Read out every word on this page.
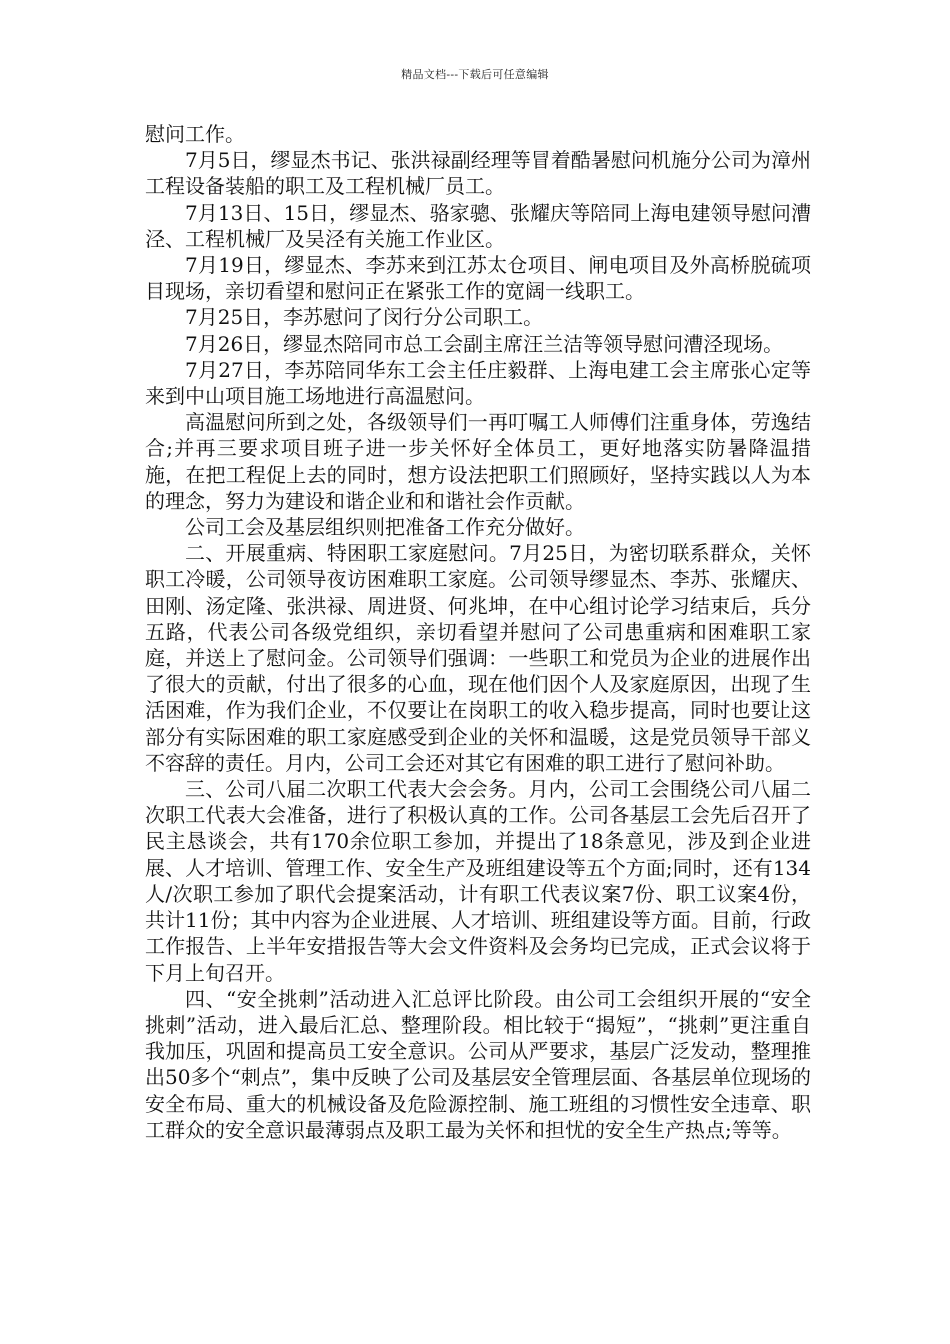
精品文档---下载后可任意编辑

慰问工作。

7月5日，缪显杰书记、张洪禄副经理等冒着酷暑慰问机施分公司为漳州工程设备装船的职工及工程机械厂员工。

7月13日、15日，缪显杰、骆家骢、张耀庆等陪同上海电建领导慰问漕泾、工程机械厂及吴泾有关施工作业区。

7月19日，缪显杰、李苏来到江苏太仓项目、闸电项目及外高桥脱硫项目现场，亲切看望和慰问正在紧张工作的宽阔一线职工。

7月25日，李苏慰问了闵行分公司职工。

7月26日，缪显杰陪同市总工会副主席汪兰洁等领导慰问漕泾现场。

7月27日，李苏陪同华东工会主任庄毅群、上海电建工会主席张心定等来到中山项目施工场地进行高温慰问。

高温慰问所到之处，各级领导们一再叮嘱工人师傅们注重身体，劳逸结合;并再三要求项目班子进一步关怀好全体员工，更好地落实防暑降温措施，在把工程促上去的同时，想方设法把职工们照顾好，坚持实践以人为本的理念，努力为建设和谐企业和和谐社会作贡献。

公司工会及基层组织则把准备工作充分做好。

二、开展重病、特困职工家庭慰问。7月25日，为密切联系群众，关怀职工冷暖，公司领导夜访困难职工家庭。公司领导缪显杰、李苏、张耀庆、田刚、汤定隆、张洪禄、周进贤、何兆坤，在中心组讨论学习结束后，兵分五路，代表公司各级党组织，亲切看望并慰问了公司患重病和困难职工家庭，并送上了慰问金。公司领导们强调：一些职工和党员为企业的进展作出了很大的贡献，付出了很多的心血，现在他们因个人及家庭原因，出现了生活困难，作为我们企业，不仅要让在岗职工的收入稳步提高，同时也要让这部分有实际困难的职工家庭感受到企业的关怀和温暖，这是党员领导干部义不容辞的责任。月内，公司工会还对其它有困难的职工进行了慰问补助。

三、公司八届二次职工代表大会会务。月内，公司工会围绕公司八届二次职工代表大会准备，进行了积极认真的工作。公司各基层工会先后召开了民主恳谈会，共有170余位职工参加，并提出了18条意见，涉及到企业进展、人才培训、管理工作、安全生产及班组建设等五个方面;同时，还有134人/次职工参加了职代会提案活动，计有职工代表议案7份、职工议案4份，共计11份；其中内容为企业进展、人才培训、班组建设等方面。目前，行政工作报告、上半年安措报告等大会文件资料及会务均已完成，正式会议将于下月上旬召开。

四、“安全挑刺”活动进入汇总评比阶段。由公司工会组织开展的“安全挑刺”活动，进入最后汇总、整理阶段。相比较于“揭短”，“挑刺”更注重自我加压，巩固和提高员工安全意识。公司从严要求，基层广泛发动，整理推出50多个“刺点”，集中反映了公司及基层安全管理层面、各基层单位现场的安全布局、重大的机械设备及危险源控制、施工班组的习惯性安全违章、职工群众的安全意识最薄弱点及职工最为关怀和担忧的安全生产热点;等等。
